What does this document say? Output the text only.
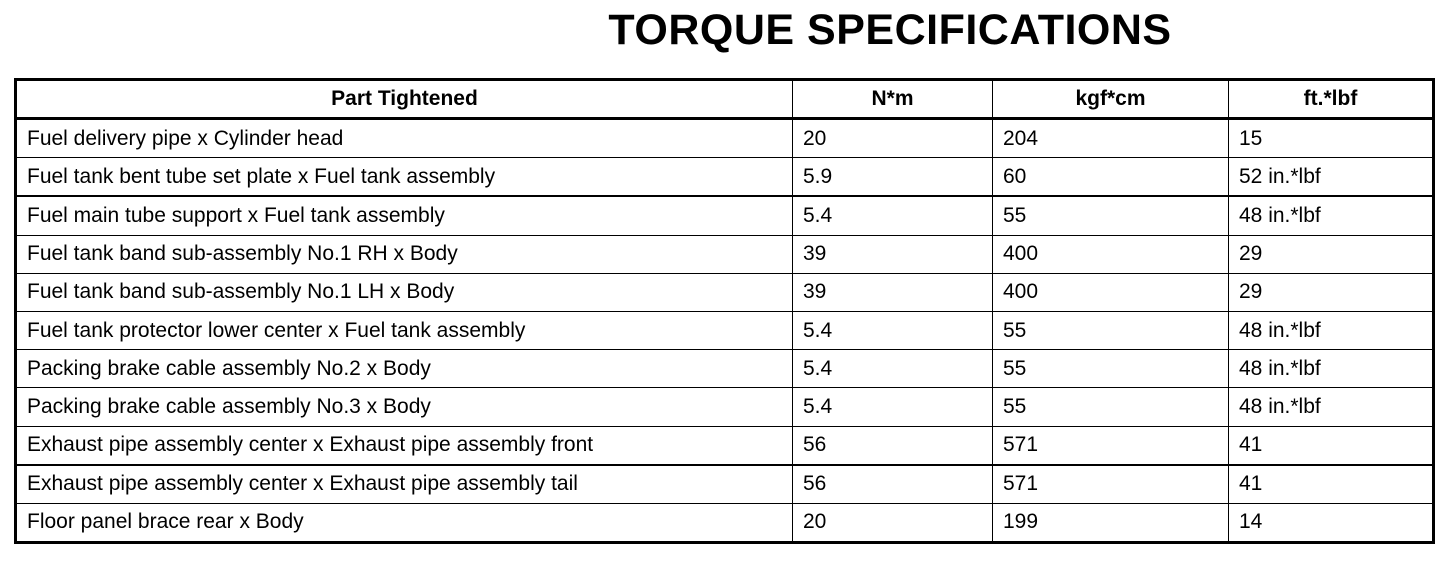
TORQUE SPECIFICATIONS
Part Tightened	N*m	kgf*cm	ft.*lbf
Fuel delivery pipe x Cylinder head	20	204	15
Fuel tank bent tube set plate x Fuel tank assembly	5.9	60	52 in.*lbf
Fuel main tube support x Fuel tank assembly	5.4	55	48 in.*lbf
Fuel tank band sub-assembly No.1 RH x Body	39	400	29
Fuel tank band sub-assembly No.1 LH x Body	39	400	29
Fuel tank protector lower center x Fuel tank assembly	5.4	55	48 in.*lbf
Packing brake cable assembly No.2 x Body	5.4	55	48 in.*lbf
Packing brake cable assembly No.3 x Body	5.4	55	48 in.*lbf
Exhaust pipe assembly center x Exhaust pipe assembly front	56	571	41
Exhaust pipe assembly center x Exhaust pipe assembly tail	56	571	41
Floor panel brace rear x Body	20	199	14
